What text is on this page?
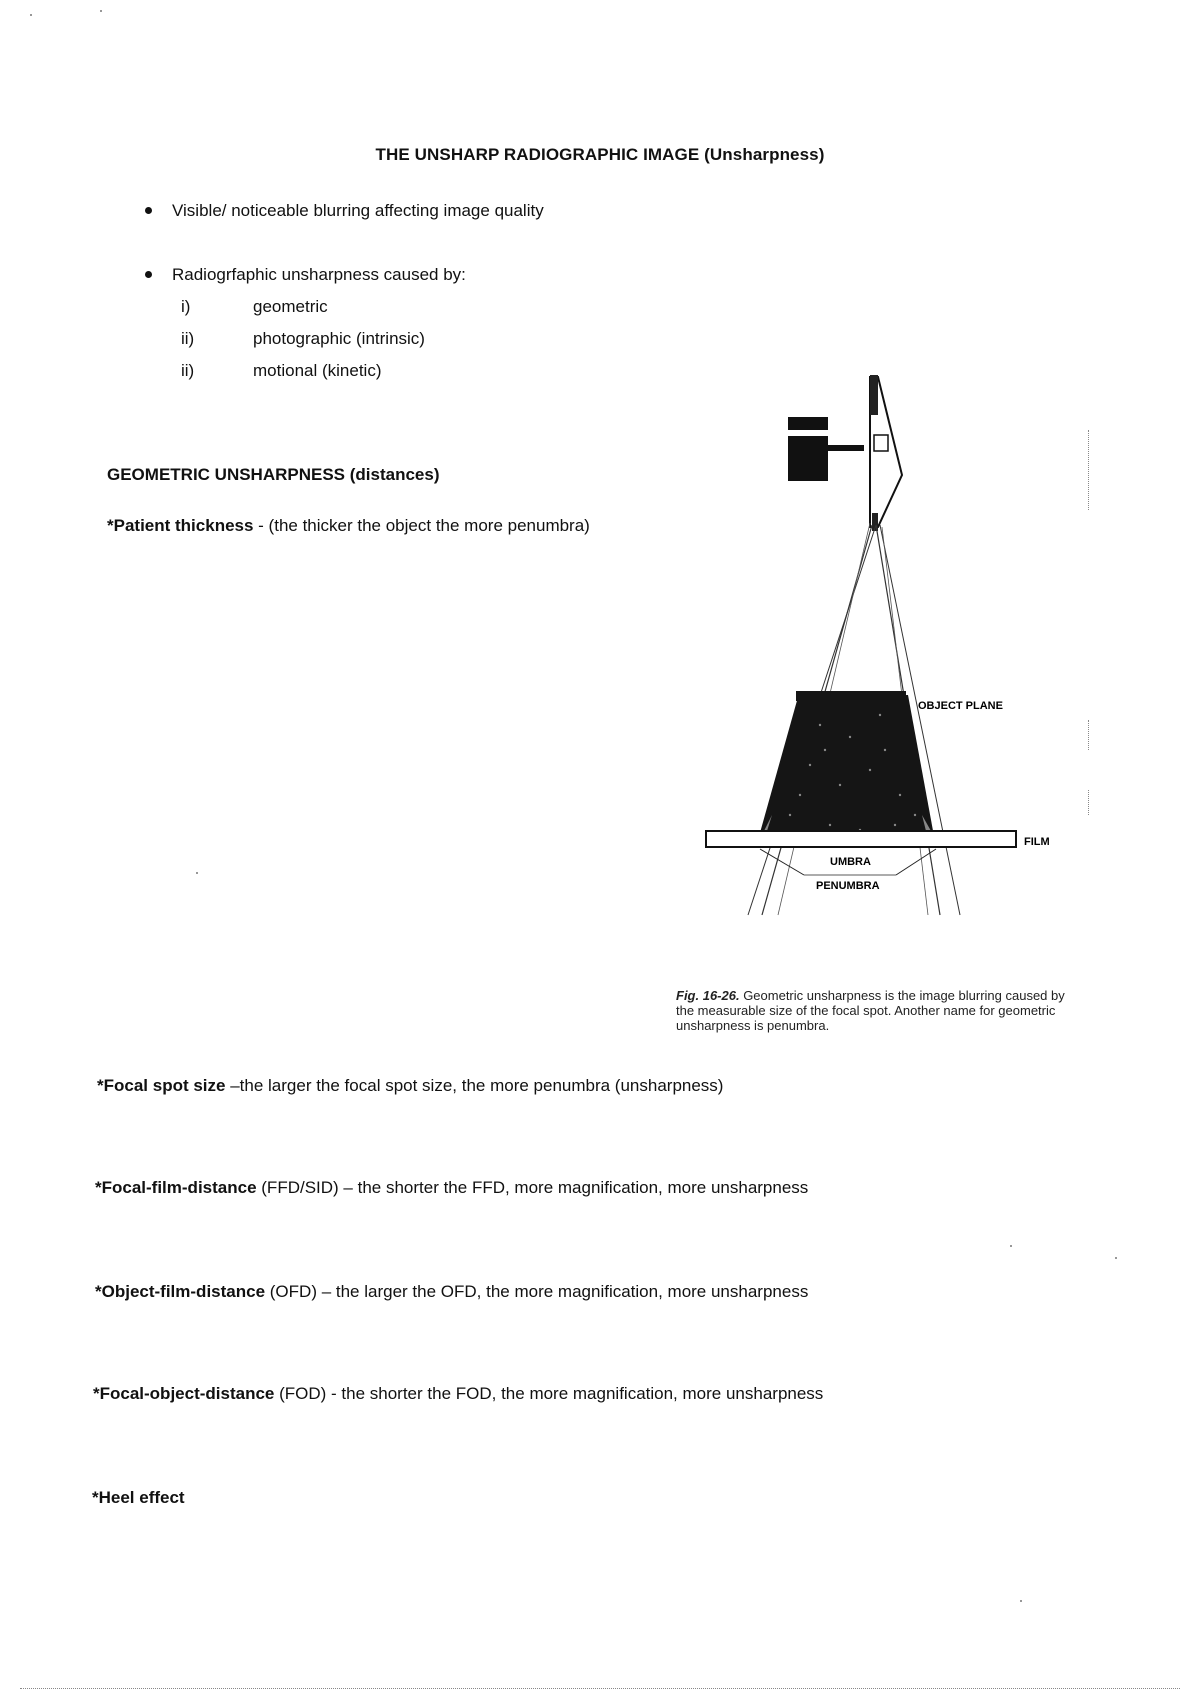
THE UNSHARP RADIOGRAPHIC IMAGE (Unsharpness)
Visible/ noticeable blurring affecting image quality
Radiogrfaphic unsharpness caused by:
i)	geometric
ii)	photographic (intrinsic)
ii)	motional (kinetic)
GEOMETRIC UNSHARPNESS (distances)
*Patient thickness - (the thicker the object the more penumbra)
OBJECT PLANE
FILM
UMBRA
PENUMBRA
Fig. 16-26. Geometric unsharpness is the image blurring caused by the measurable size of the focal spot. Another name for geometric unsharpness is penumbra.
*Focal spot size –the larger the focal spot size, the more penumbra (unsharpness)
*Focal-film-distance (FFD/SID) – the shorter the FFD, more magnification, more unsharpness
*Object-film-distance (OFD) – the larger the OFD, the more magnification, more unsharpness
*Focal-object-distance (FOD) - the shorter the FOD, the more magnification, more unsharpness
*Heel effect
